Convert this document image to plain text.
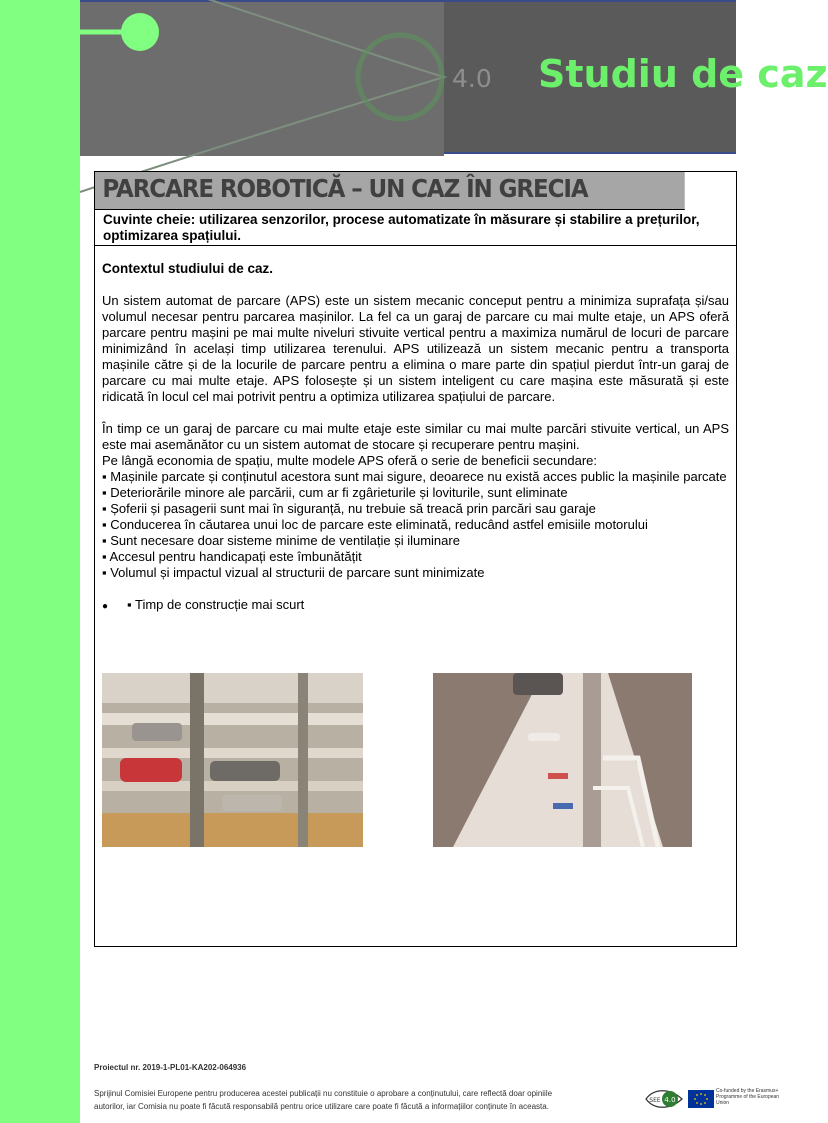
4.0 Studiu de caz
PARCARE ROBOTICĂ – UN CAZ ÎN GRECIA
Cuvinte cheie: utilizarea senzorilor, procese automatizate în măsurare și stabilire a prețurilor, optimizarea spațiului.

Contextul studiului de caz.

Un sistem automat de parcare (APS) este un sistem mecanic conceput pentru a minimiza suprafața și/sau volumul necesar pentru parcarea mașinilor. La fel ca un garaj de parcare cu mai multe etaje, un APS oferă parcare pentru mașini pe mai multe niveluri stivuite vertical pentru a maximiza numărul de locuri de parcare minimizând în același timp utilizarea terenului. APS utilizează un sistem mecanic pentru a transporta mașinile către și de la locurile de parcare pentru a elimina o mare parte din spațiul pierdut într-un garaj de parcare cu mai multe etaje. APS folosește și un sistem inteligent cu care mașina este măsurată și este ridicată în locul cel mai potrivit pentru a optimiza utilizarea spațiului de parcare.

În timp ce un garaj de parcare cu mai multe etaje este similar cu mai multe parcări stivuite vertical, un APS este mai asemănător cu un sistem automat de stocare și recuperare pentru mașini.

Pe lângă economia de spațiu, multe modele APS oferă o serie de beneficii secundare:

▪ Mașinile parcate și conținutul acestora sunt mai sigure, deoarece nu există acces public la mașinile parcate

▪ Deteriorările minore ale parcării, cum ar fi zgârieturile și loviturile, sunt eliminate

▪ Șoferii și pasagerii sunt mai în siguranță, nu trebuie să treacă prin parcări sau garaje

▪ Conducerea în căutarea unui loc de parcare este eliminată, reducând astfel emisiile motorului

▪ Sunt necesare doar sisteme minime de ventilație și iluminare

▪ Accesul pentru handicapați este îmbunătățit

▪ Volumul și impactul vizual al structurii de parcare sunt minimizate

●	▪ Timp de construcție mai scurt
Proiectul nr. 2019-1-PL01-KA202-064936
Sprijinul Comisiei Europene pentru producerea acestei publicații nu constituie o aprobare a conținutului, care reflectă doar opiniile autorilor, iar Comisia nu poate fi făcută responsabilă pentru orice utilizare care poate fi făcută a informațiilor conținute în aceasta.
4.0
SEE
Co-funded by the Erasmus+ Programme of the European Union
